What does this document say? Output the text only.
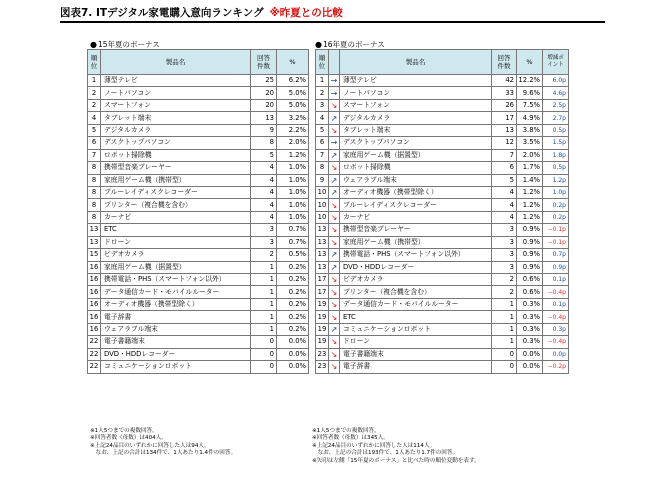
図表7. ITデジタル家電購入意向ランキング ※昨夏との比較
●15年夏のボーナス	●16年夏のボーナス
順
位	製品名	回答
件数	%
1	薄型テレビ	25	6.2%
2	ノートパソコン	20	5.0%
2	スマートフォン	20	5.0%
4	タブレット端末	13	3.2%
5	デジタルカメラ	9	2.2%
6	デスクトップパソコン	8	2.0%
7	ロボット掃除機	5	1.2%
8	携帯型音楽プレーヤー	4	1.0%
8	家庭用ゲーム機（携帯型）	4	1.0%
8	ブルーレイディスクレコーダー	4	1.0%
8	プリンター（複合機を含む）	4	1.0%
8	カーナビ	4	1.0%
13	ETC	3	0.7%
13	ドローン	3	0.7%
15	ビデオカメラ	2	0.5%
16	家庭用ゲーム機（据置型）	1	0.2%
16	携帯電話・PHS（スマートフォン以外）	1	0.2%
16	データ通信カード・モバイルルーター	1	0.2%
16	オーディオ機器（携帯型除く）	1	0.2%
16	電子辞書	1	0.2%
16	ウェアラブル端末	1	0.2%
22	電子書籍端末	0	0.0%
22	DVD・HDDレコーダー	0	0.0%
22	コミュニケーションロボット	0	0.0%
順
位		製品名	回答
件数	%	増減ポ
イント
1	→	薄型テレビ	42	12.2%	6.0p
2	→	ノートパソコン	33	9.6%	4.6p
3	↘	スマートフォン	26	7.5%	2.5p
4	↗	デジタルカメラ	17	4.9%	2.7p
5	↘	タブレット端末	13	3.8%	0.5p
6	→	デスクトップパソコン	12	3.5%	1.5p
7	↗	家庭用ゲーム機（据置型）	7	2.0%	1.8p
8	↘	ロボット掃除機	6	1.7%	0.5p
9	↗	ウェアラブル端末	5	1.4%	1.2p
10	↗	オーディオ機器（携帯型除く）	4	1.2%	1.0p
10	↘	ブルーレイディスクレコーダー	4	1.2%	0.2p
10	↘	カーナビ	4	1.2%	0.2p
13	↘	携帯型音楽プレーヤー	3	0.9%	−0.1p
13	↘	家庭用ゲーム機（携帯型）	3	0.9%	−0.1p
13	↗	携帯電話・PHS（スマートフォン以外）	3	0.9%	0.7p
13	↗	DVD・HDDレコーダー	3	0.9%	0.9p
17	↘	ビデオカメラ	2	0.6%	0.1p
17	↘	プリンター（複合機を含む）	2	0.6%	−0.4p
19	↘	データ通信カード・モバイルルーター	1	0.3%	0.1p
19	↘	ETC	1	0.3%	−0.4p
19	↗	コミュニケーションロボット	1	0.3%	0.3p
19	↘	ドローン	1	0.3%	−0.4p
23	↘	電子書籍端末	0	0.0%	0.0p
23	↘	電子辞書	0	0.0%	−0.2p
※1人5つまでの複数回答。
※回答者数（母数）は404人。
※上記24品目のいずれかに回答した人は94人。
　なお、上記の合計は134件で、1人あたり1.4件の回答。
※1人5つまでの複数回答。
※回答者数（母数）は345人。
※上記24品目のいずれかに回答した人は114人。
　なお、上記の合計は193件で、1人あたり1.7件の回答。
※矢印は左側「15年夏のボーナス」と比べた時の順位変動を表す。
